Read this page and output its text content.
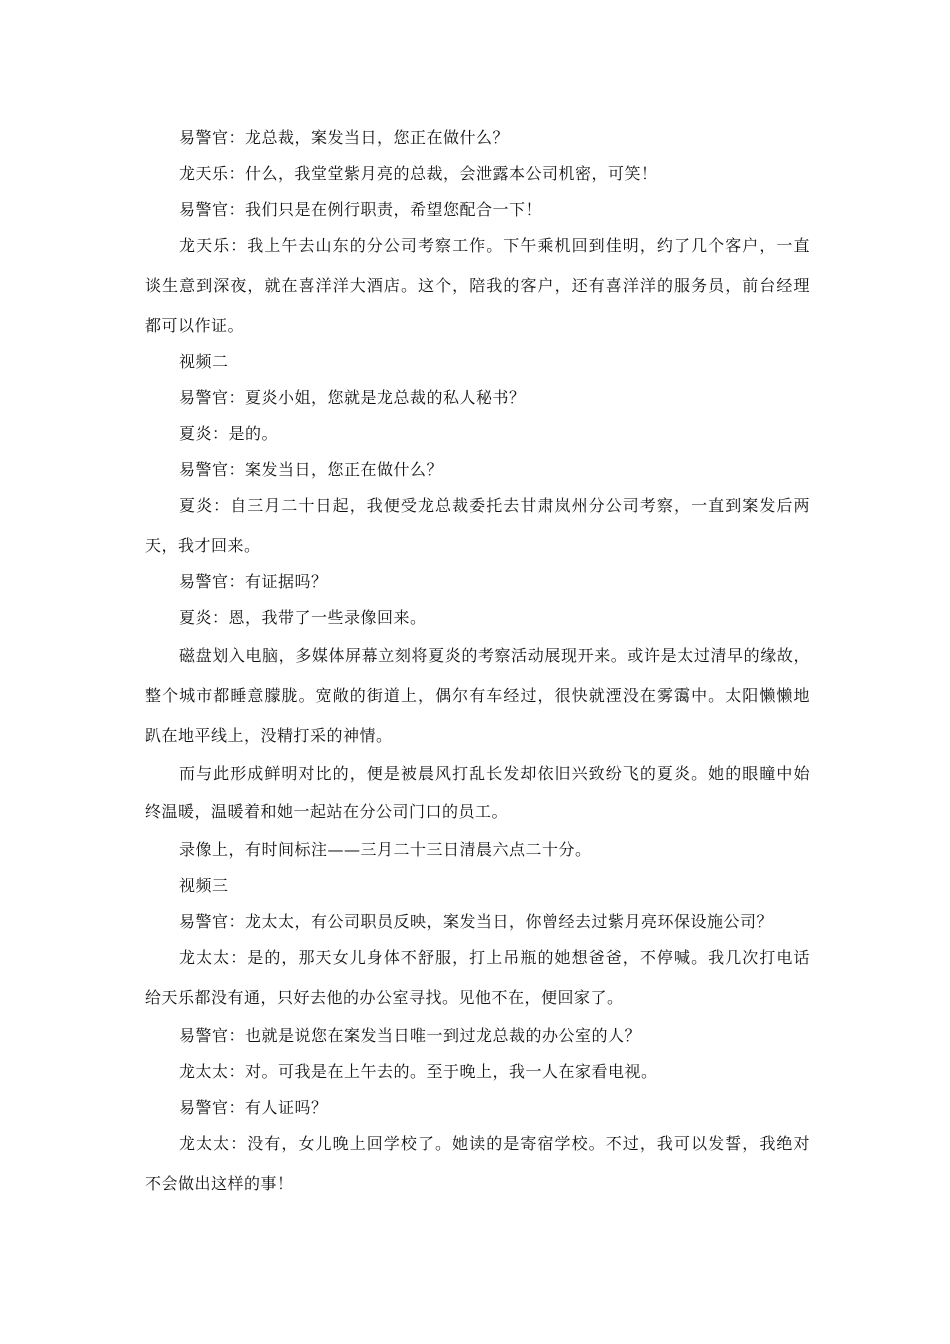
易警官：龙总裁，案发当日，您正在做什么？
龙天乐：什么，我堂堂紫月亮的总裁，会泄露本公司机密，可笑！
易警官：我们只是在例行职责，希望您配合一下！
龙天乐：我上午去山东的分公司考察工作。下午乘机回到佳明，约了几个客户，一直
谈生意到深夜，就在喜洋洋大酒店。这个，陪我的客户，还有喜洋洋的服务员，前台经理
都可以作证。
视频二
易警官：夏炎小姐，您就是龙总裁的私人秘书？
夏炎：是的。
易警官：案发当日，您正在做什么？
夏炎：自三月二十日起，我便受龙总裁委托去甘肃岚州分公司考察，一直到案发后两
天，我才回来。
易警官：有证据吗？
夏炎：恩，我带了一些录像回来。
磁盘划入电脑，多媒体屏幕立刻将夏炎的考察活动展现开来。或许是太过清早的缘故，
整个城市都睡意朦胧。宽敞的街道上，偶尔有车经过，很快就湮没在雾霭中。太阳懒懒地
趴在地平线上，没精打采的神情。
而与此形成鲜明对比的，便是被晨风打乱长发却依旧兴致纷飞的夏炎。她的眼瞳中始
终温暖，温暖着和她一起站在分公司门口的员工。
录像上，有时间标注——三月二十三日清晨六点二十分。
视频三
易警官：龙太太，有公司职员反映，案发当日，你曾经去过紫月亮环保设施公司？
龙太太：是的，那天女儿身体不舒服，打上吊瓶的她想爸爸，不停喊。我几次打电话
给天乐都没有通，只好去他的办公室寻找。见他不在，便回家了。
易警官：也就是说您在案发当日唯一到过龙总裁的办公室的人？
龙太太：对。可我是在上午去的。至于晚上，我一人在家看电视。
易警官：有人证吗？
龙太太：没有，女儿晚上回学校了。她读的是寄宿学校。不过，我可以发誓，我绝对
不会做出这样的事！
